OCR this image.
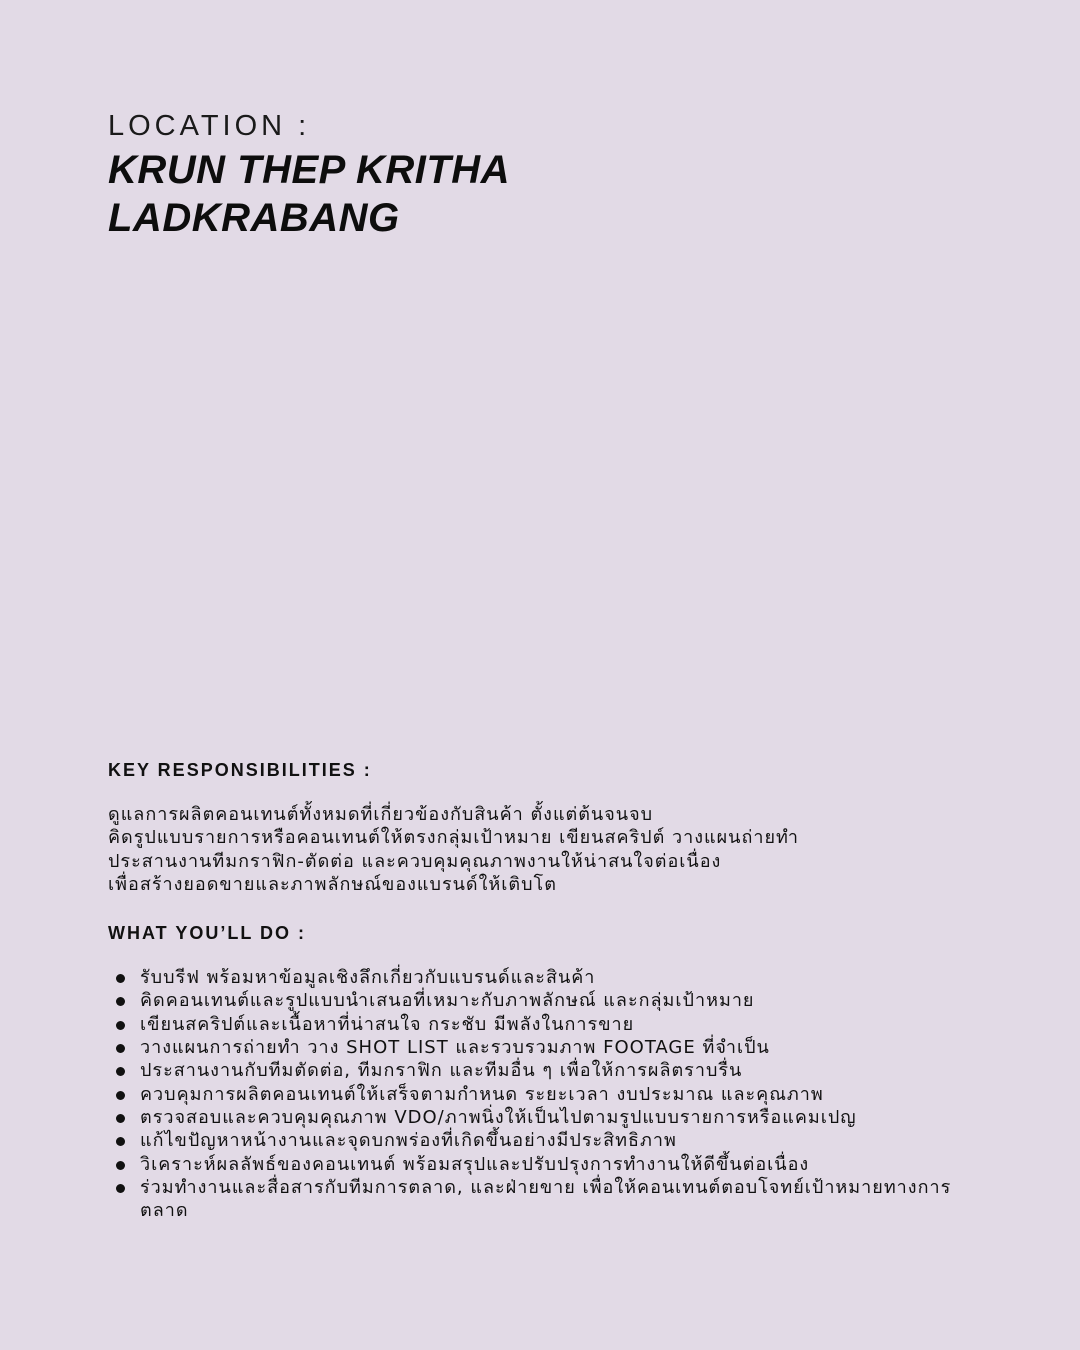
LOCATION :
KRUN THEP KRITHA
LADKRABANG
KEY RESPONSIBILITIES :
ดูแลการผลิตคอนเทนต์ทั้งหมดที่เกี่ยวข้องกับสินค้า ตั้งแต่ต้นจนจบ
คิดรูปแบบรายการหรือคอนเทนต์ให้ตรงกลุ่มเป้าหมาย เขียนสคริปต์ วางแผนถ่ายทำ
ประสานงานทีมกราฟิก-ตัดต่อ และควบคุมคุณภาพงานให้น่าสนใจต่อเนื่อง
เพื่อสร้างยอดขายและภาพลักษณ์ของแบรนด์ให้เติบโต
WHAT YOU’LL DO :
รับบรีฟ พร้อมหาข้อมูลเชิงลึกเกี่ยวกับแบรนด์และสินค้า
คิดคอนเทนต์และรูปแบบนำเสนอที่เหมาะกับภาพลักษณ์ และกลุ่มเป้าหมาย
เขียนสคริปต์และเนื้อหาที่น่าสนใจ กระชับ มีพลังในการขาย
วางแผนการถ่ายทำ วาง SHOT LIST และรวบรวมภาพ FOOTAGE ที่จำเป็น
ประสานงานกับทีมตัดต่อ, ทีมกราฟิก และทีมอื่น ๆ เพื่อให้การผลิตราบรื่น
ควบคุมการผลิตคอนเทนต์ให้เสร็จตามกำหนด ระยะเวลา งบประมาณ และคุณภาพ
ตรวจสอบและควบคุมคุณภาพ VDO/ภาพนิ่งให้เป็นไปตามรูปแบบรายการหรือแคมเปญ
แก้ไขปัญหาหน้างานและจุดบกพร่องที่เกิดขึ้นอย่างมีประสิทธิภาพ
วิเคราะห์ผลลัพธ์ของคอนเทนต์ พร้อมสรุปและปรับปรุงการทำงานให้ดีขึ้นต่อเนื่อง
ร่วมทำงานและสื่อสารกับทีมการตลาด, และฝ่ายขาย เพื่อให้คอนเทนต์ตอบโจทย์เป้าหมายทางการตลาด
